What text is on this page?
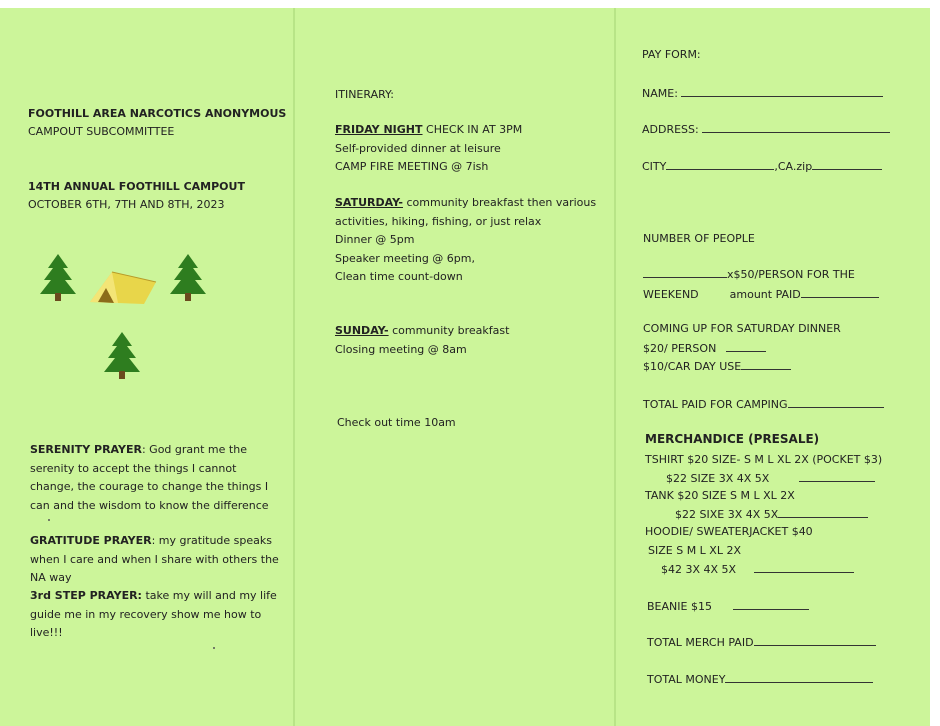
FOOTHILL AREA NARCOTICS ANONYMOUS
CAMPOUT SUBCOMMITTEE
14TH ANNUAL FOOTHILL CAMPOUT
OCTOBER 6TH, 7TH AND 8TH, 2023
SERENITY PRAYER: God grant me the serenity to accept the things I cannot change, the courage to change the things I can and the wisdom to know the difference
GRATITUDE PRAYER: my gratitude speaks when I care and when I share with others the NA way
3rd STEP PRAYER: take my will and my life guide me in my recovery show me how to live!!!
ITINERARY:
FRIDAY NIGHT CHECK IN AT 3PM
Self-provided dinner at leisure
CAMP FIRE MEETING @ 7ish
SATURDAY- community breakfast then various
activities, hiking, fishing, or just relax
Dinner @ 5pm
Speaker meeting @ 6pm,
Clean time count-down
SUNDAY- community breakfast
Closing meeting @ 8am
Check out time 10am
PAY FORM:
NAME:
ADDRESS:
CITY	,CA.zip
NUMBER OF PEOPLE
x$50/PERSON FOR THE
WEEKEND	amount PAID
COMING UP FOR SATURDAY DINNER
$20/ PERSON
$10/CAR DAY USE
TOTAL PAID FOR CAMPING
MERCHANDICE (PRESALE)
TSHIRT $20 SIZE- S M L XL 2X (POCKET $3)
$22 SIZE 3X 4X 5X
TANK $20 SIZE S M L XL 2X
$22 SIXE 3X 4X 5X
HOODIE/ SWEATERJACKET $40
SIZE S M L XL 2X
$42 3X 4X 5X
BEANIE $15
TOTAL MERCH PAID
TOTAL MONEY
